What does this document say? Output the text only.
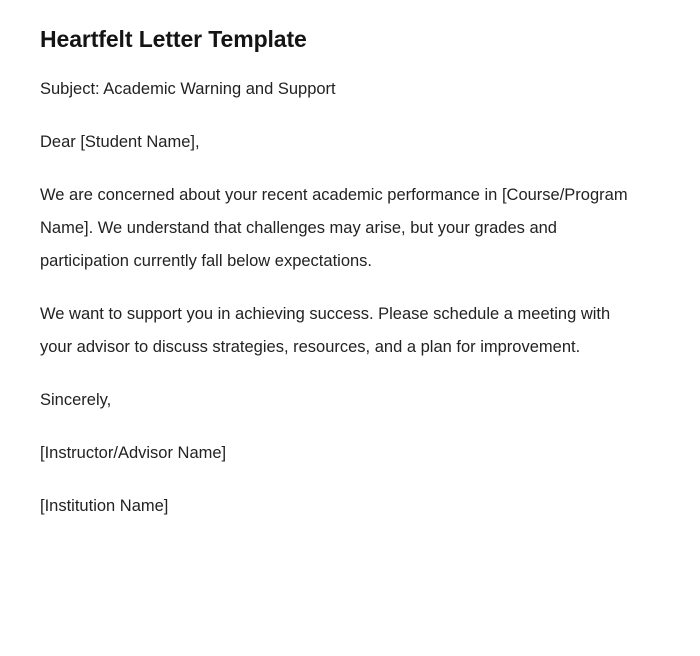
Heartfelt Letter Template

Subject: Academic Warning and Support

Dear [Student Name],

We are concerned about your recent academic performance in [Course/Program Name]. We understand that challenges may arise, but your grades and participation currently fall below expectations.

We want to support you in achieving success. Please schedule a meeting with your advisor to discuss strategies, resources, and a plan for improvement.

Sincerely,

[Instructor/Advisor Name]

[Institution Name]
